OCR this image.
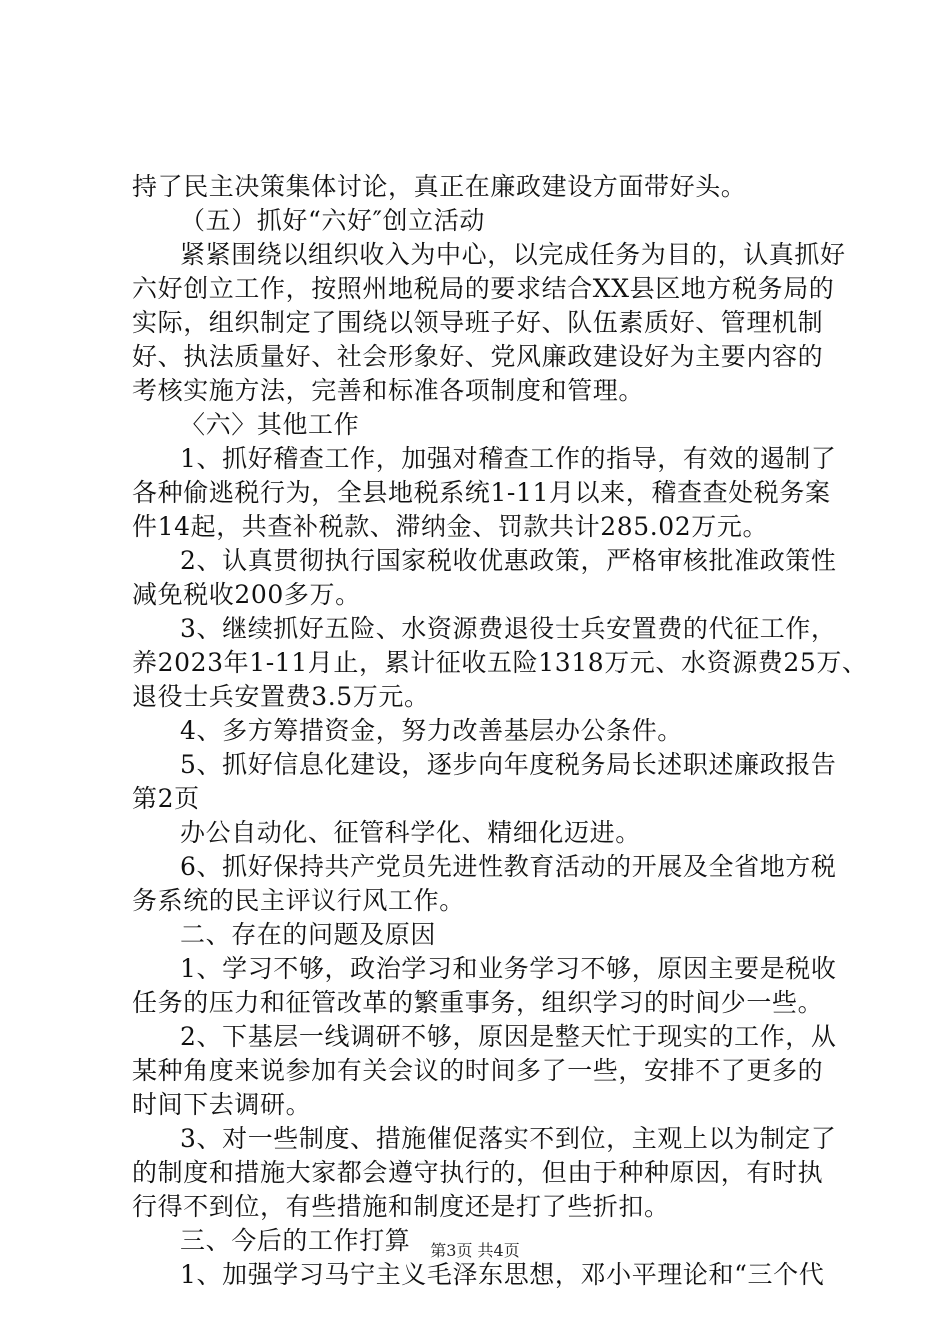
持了民主决策集体讨论，真正在廉政建设方面带好头。
（五）抓好“六好″创立活动
紧紧围绕以组织收入为中心，以完成任务为目的，认真抓好
六好创立工作，按照州地税局的要求结合XX县区地方税务局的
实际，组织制定了围绕以领导班子好、队伍素质好、管理机制
好、执法质量好、社会形象好、党风廉政建设好为主要内容的
考核实施方法，完善和标准各项制度和管理。
〈六〉其他工作
1、抓好稽查工作，加强对稽查工作的指导，有效的遏制了
各种偷逃税行为，全县地税系统1-11月以来，稽查查处税务案
件14起，共查补税款、滞纳金、罚款共计285.02万元。
2、认真贯彻执行国家税收优惠政策，严格审核批准政策性
减免税收200多万。
3、继续抓好五险、水资源费退役士兵安置费的代征工作，
养2023年1-11月止，累计征收五险1318万元、水资源费25万、
退役士兵安置费3.5万元。
4、多方筹措资金，努力改善基层办公条件。
5、抓好信息化建设，逐步向年度税务局长述职述廉政报告
第2页
办公自动化、征管科学化、精细化迈进。
6、抓好保持共产党员先进性教育活动的开展及全省地方税
务系统的民主评议行风工作。
二、存在的问题及原因
1、学习不够，政治学习和业务学习不够，原因主要是税收
任务的压力和征管改革的繁重事务，组织学习的时间少一些。
2、下基层一线调研不够，原因是整天忙于现实的工作，从
某种角度来说参加有关会议的时间多了一些，安排不了更多的
时间下去调研。
3、对一些制度、措施催促落实不到位，主观上以为制定了
的制度和措施大家都会遵守执行的，但由于种种原因，有时执
行得不到位，有些措施和制度还是打了些折扣。
三、今后的工作打算
1、加强学习马宁主义毛泽东思想，邓小平理论和“三个代
第3页 共4页
